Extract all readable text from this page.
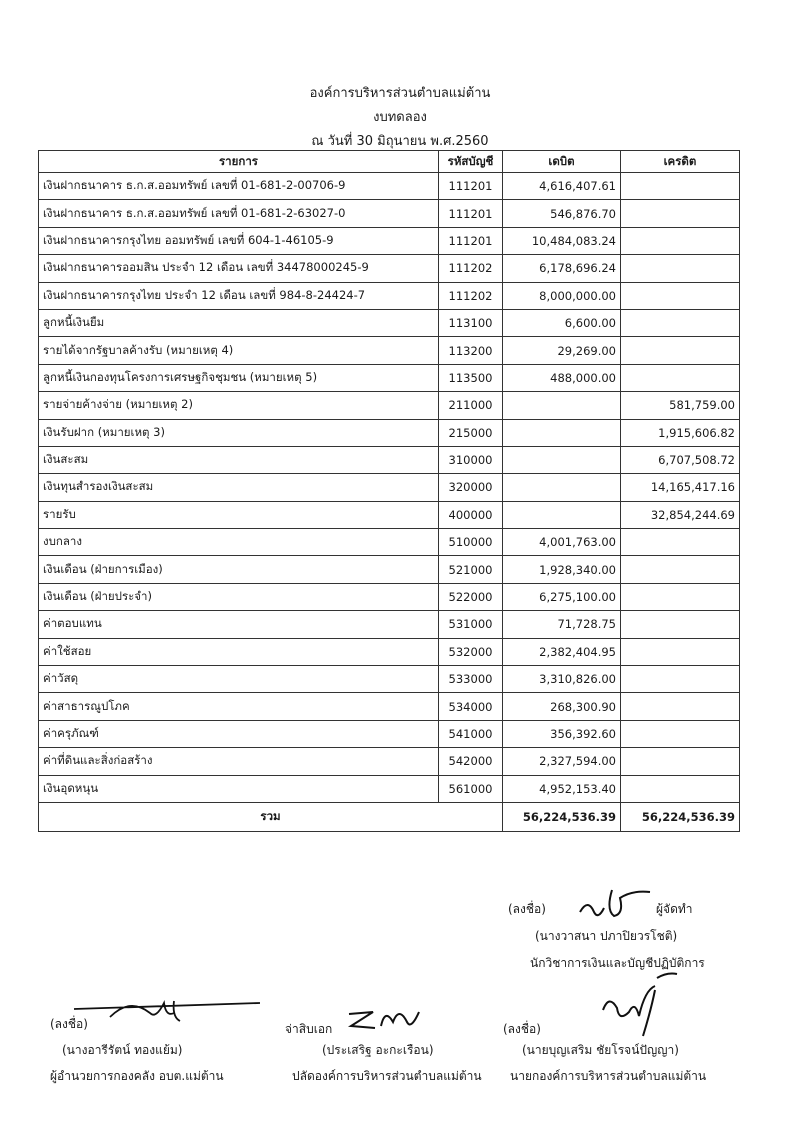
องค์การบริหารส่วนตำบลแม่ต้าน
งบทดลอง
ณ วันที่ 30 มิถุนายน พ.ศ.2560
รายการ	รหัสบัญชี	เดบิต	เครดิต
เงินฝากธนาคาร ธ.ก.ส.ออมทรัพย์ เลขที่ 01-681-2-00706-9	111201	4,616,407.61	
เงินฝากธนาคาร ธ.ก.ส.ออมทรัพย์ เลขที่ 01-681-2-63027-0	111201	546,876.70	
เงินฝากธนาคารกรุงไทย ออมทรัพย์ เลขที่ 604-1-46105-9	111201	10,484,083.24	
เงินฝากธนาคารออมสิน ประจำ 12 เดือน เลขที่ 34478000245-9	111202	6,178,696.24	
เงินฝากธนาคารกรุงไทย ประจำ 12 เดือน เลขที่ 984-8-24424-7	111202	8,000,000.00	
ลูกหนี้เงินยืม	113100	6,600.00	
รายได้จากรัฐบาลค้างรับ (หมายเหตุ 4)	113200	29,269.00	
ลูกหนี้เงินกองทุนโครงการเศรษฐกิจชุมชน (หมายเหตุ 5)	113500	488,000.00	
รายจ่ายค้างจ่าย (หมายเหตุ 2)	211000		581,759.00
เงินรับฝาก (หมายเหตุ 3)	215000		1,915,606.82
เงินสะสม	310000		6,707,508.72
เงินทุนสำรองเงินสะสม	320000		14,165,417.16
รายรับ	400000		32,854,244.69
งบกลาง	510000	4,001,763.00	
เงินเดือน (ฝ่ายการเมือง)	521000	1,928,340.00	
เงินเดือน (ฝ่ายประจำ)	522000	6,275,100.00	
ค่าตอบแทน	531000	71,728.75	
ค่าใช้สอย	532000	2,382,404.95	
ค่าวัสดุ	533000	3,310,826.00	
ค่าสาธารณูปโภค	534000	268,300.90	
ค่าครุภัณฑ์	541000	356,392.60	
ค่าที่ดินและสิ่งก่อสร้าง	542000	2,327,594.00	
เงินอุดหนุน	561000	4,952,153.40	
รวม		56,224,536.39	56,224,536.39
(ลงชื่อ)	ผู้จัดทำ
(นางวาสนา ปภาปิยวรโชติ)
นักวิชาการเงินและบัญชีปฏิบัติการ
(ลงชื่อ)
(นางอารีรัตน์ ทองแย้ม)
ผู้อำนวยการกองคลัง อบต.แม่ต้าน
จ่าสิบเอก
(ประเสริฐ อะกะเรือน)
ปลัดองค์การบริหารส่วนตำบลแม่ต้าน
(ลงชื่อ)
(นายบุญเสริม ชัยโรจน์ปัญญา)
นายกองค์การบริหารส่วนตำบลแม่ต้าน
